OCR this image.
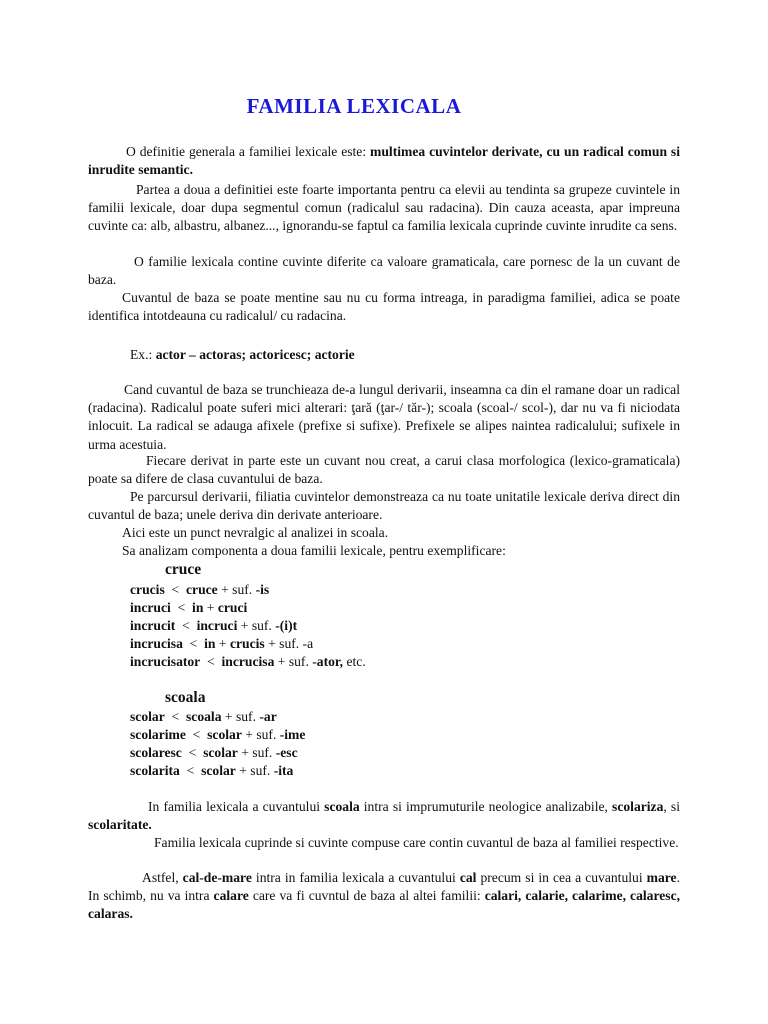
FAMILIA LEXICALA
O definitie generala a familiei lexicale este: multimea cuvintelor derivate, cu un radical comun si inrudite semantic.
Partea a doua a definitiei este foarte importanta pentru ca elevii au tendinta sa grupeze cuvintele in familii lexicale, doar dupa segmentul comun (radicalul sau radacina). Din cauza aceasta, apar impreuna cuvinte ca: alb, albastru, albanez..., ignorandu-se faptul ca familia lexicala cuprinde cuvinte inrudite ca sens.
O familie lexicala contine cuvinte diferite ca valoare gramaticala, care pornesc de la un cuvant de baza.
Cuvantul de baza se poate mentine sau nu cu forma intreaga, in paradigma familiei, adica se poate identifica intotdeauna cu radicalul/ cu radacina.
Ex.: actor – actoras; actoricesc; actorie
Cand cuvantul de baza se trunchieaza de-a lungul derivarii, inseamna ca din el ramane doar un radical (radacina). Radicalul poate suferi mici alterari: ţară (ţar-/ tăr-); scoala (scoal-/ scol-), dar nu va fi niciodata inlocuit. La radical se adauga afixele (prefixe si sufixe). Prefixele se alipes naintea radicalului; sufixele in urma acestuia.
Fiecare derivat in parte este un cuvant nou creat, a carui clasa morfologica (lexico-gramaticala) poate sa difere de clasa cuvantului de baza.
Pe parcursul derivarii, filiatia cuvintelor demonstreaza ca nu toate unitatile lexicale deriva direct din cuvantul de baza; unele deriva din derivate anterioare.
Aici este un punct nevralgic al analizei in scoala.
Sa analizam componenta a doua familii lexicale, pentru exemplificare:
cruce
crucis  <  cruce + suf. -is
incruci  <  in + cruci
incrucit  <  incruci + suf. -(i)t
incrucisa  <  in + crucis + suf. -a
incrucisator  <  incrucisa + suf. -ator, etc.
scoala
scolar  <  scoala + suf. -ar
scolarime  <  scolar + suf. -ime
scolaresc  <  scolar + suf. -esc
scolarita  <  scolar + suf. -ita
In familia lexicala a cuvantului scoala intra si imprumuturile neologice analizabile, scolariza, si scolaritate.
Familia lexicala cuprinde si cuvinte compuse care contin cuvantul de baza al familiei respective.
Astfel, cal-de-mare intra in familia lexicala a cuvantului cal precum si in cea a cuvantului mare. In schimb, nu va intra calare care va fi cuvntul de baza al altei familii: calari, calarie, calarime, calaresc, calaras.
